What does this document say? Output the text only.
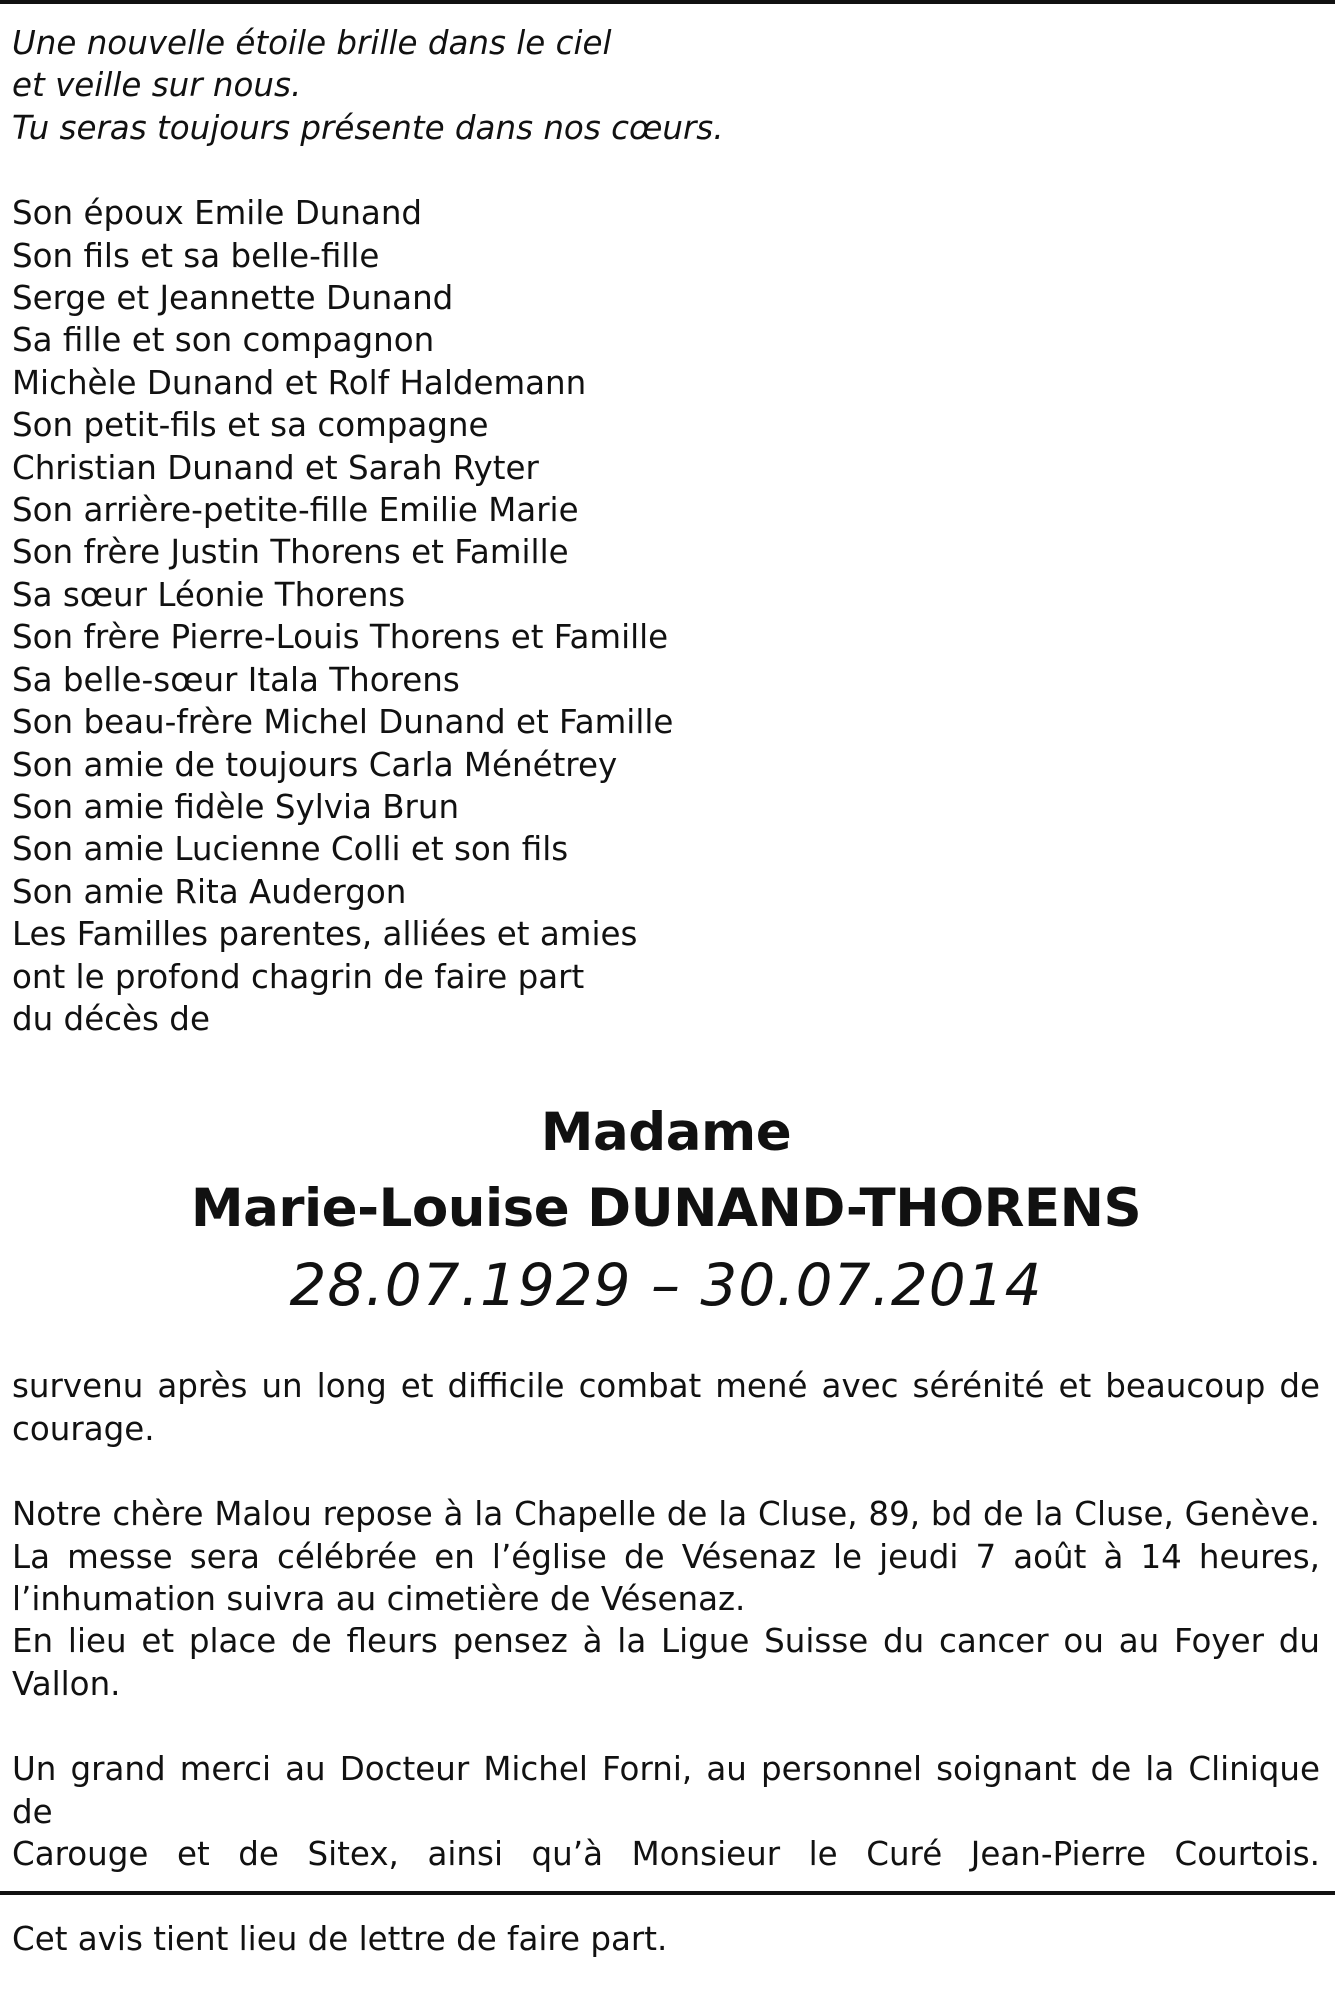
Une nouvelle étoile brille dans le ciel
et veille sur nous.
Tu seras toujours présente dans nos cœurs.
Son époux Emile Dunand
Son fils et sa belle-fille
Serge et Jeannette Dunand
Sa fille et son compagnon
Michèle Dunand et Rolf Haldemann
Son petit-fils et sa compagne
Christian Dunand et Sarah Ryter
Son arrière-petite-fille Emilie Marie
Son frère Justin Thorens et Famille
Sa sœur Léonie Thorens
Son frère Pierre-Louis Thorens et Famille
Sa belle-sœur Itala Thorens
Son beau-frère Michel Dunand et Famille
Son amie de toujours Carla Ménétrey
Son amie fidèle Sylvia Brun
Son amie Lucienne Colli et son fils
Son amie Rita Audergon
Les Familles parentes, alliées et amies
ont le profond chagrin de faire part
du décès de
Madame
Marie-Louise DUNAND-THORENS
28.07.1929 – 30.07.2014
survenu après un long et difficile combat mené avec sérénité et beaucoup de
courage.
Notre chère Malou repose à la Chapelle de la Cluse, 89, bd de la Cluse, Genève.
La messe sera célébrée en l’église de Vésenaz le jeudi 7 août à 14 heures,
l’inhumation suivra au cimetière de Vésenaz.
En lieu et place de fleurs pensez à la Ligue Suisse du cancer ou au Foyer du Vallon.
Un grand merci au Docteur Michel Forni, au personnel soignant de la Clinique de
Carouge et de Sitex, ainsi qu’à Monsieur le Curé Jean-Pierre Courtois.
Cet avis tient lieu de lettre de faire part.
